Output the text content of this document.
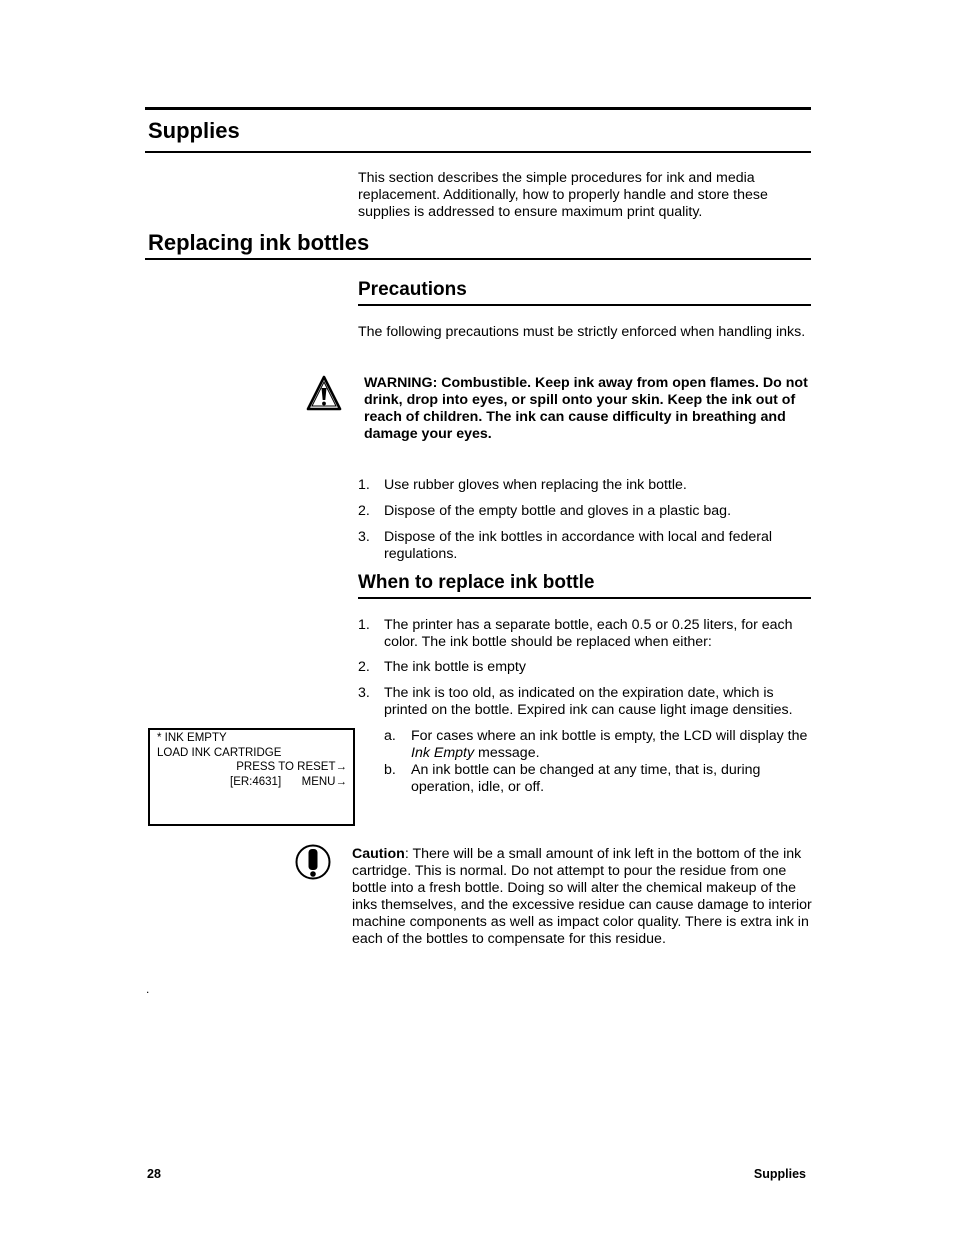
Supplies
This section describes the simple procedures for ink and media replacement. Additionally, how to properly handle and store these supplies is addressed to ensure maximum print quality.
Replacing ink bottles
Precautions
The following precautions must be strictly enforced when handling inks.
WARNING: Combustible. Keep ink away from open flames. Do not drink, drop into eyes, or spill onto your skin. Keep the ink out of reach of children. The ink can cause difficulty in breathing and damage your eyes.
1. Use rubber gloves when replacing the ink bottle.
2. Dispose of the empty bottle and gloves in a plastic bag.
3. Dispose of the ink bottles in accordance with local and federal regulations.
When to replace ink bottle
1. The printer has a separate bottle, each 0.5 or 0.25 liters, for each color. The ink bottle should be replaced when either:
2. The ink bottle is empty
3. The ink is too old, as indicated on the expiration date, which is printed on the bottle. Expired ink can cause light image densities.
a. For cases where an ink bottle is empty, the LCD will display the Ink Empty message.
b. An ink bottle can be changed at any time, that is, during operation, idle, or off.
* INK EMPTY
LOAD INK CARTRIDGE
PRESS TO RESET→
[ER:4631] MENU→
Caution: There will be a small amount of ink left in the bottom of the ink cartridge. This is normal. Do not attempt to pour the residue from one bottle into a fresh bottle. Doing so will alter the chemical makeup of the inks themselves, and the excessive residue can cause damage to interior machine components as well as impact color quality. There is extra ink in each of the bottles to compensate for this residue.
.
28	Supplies
